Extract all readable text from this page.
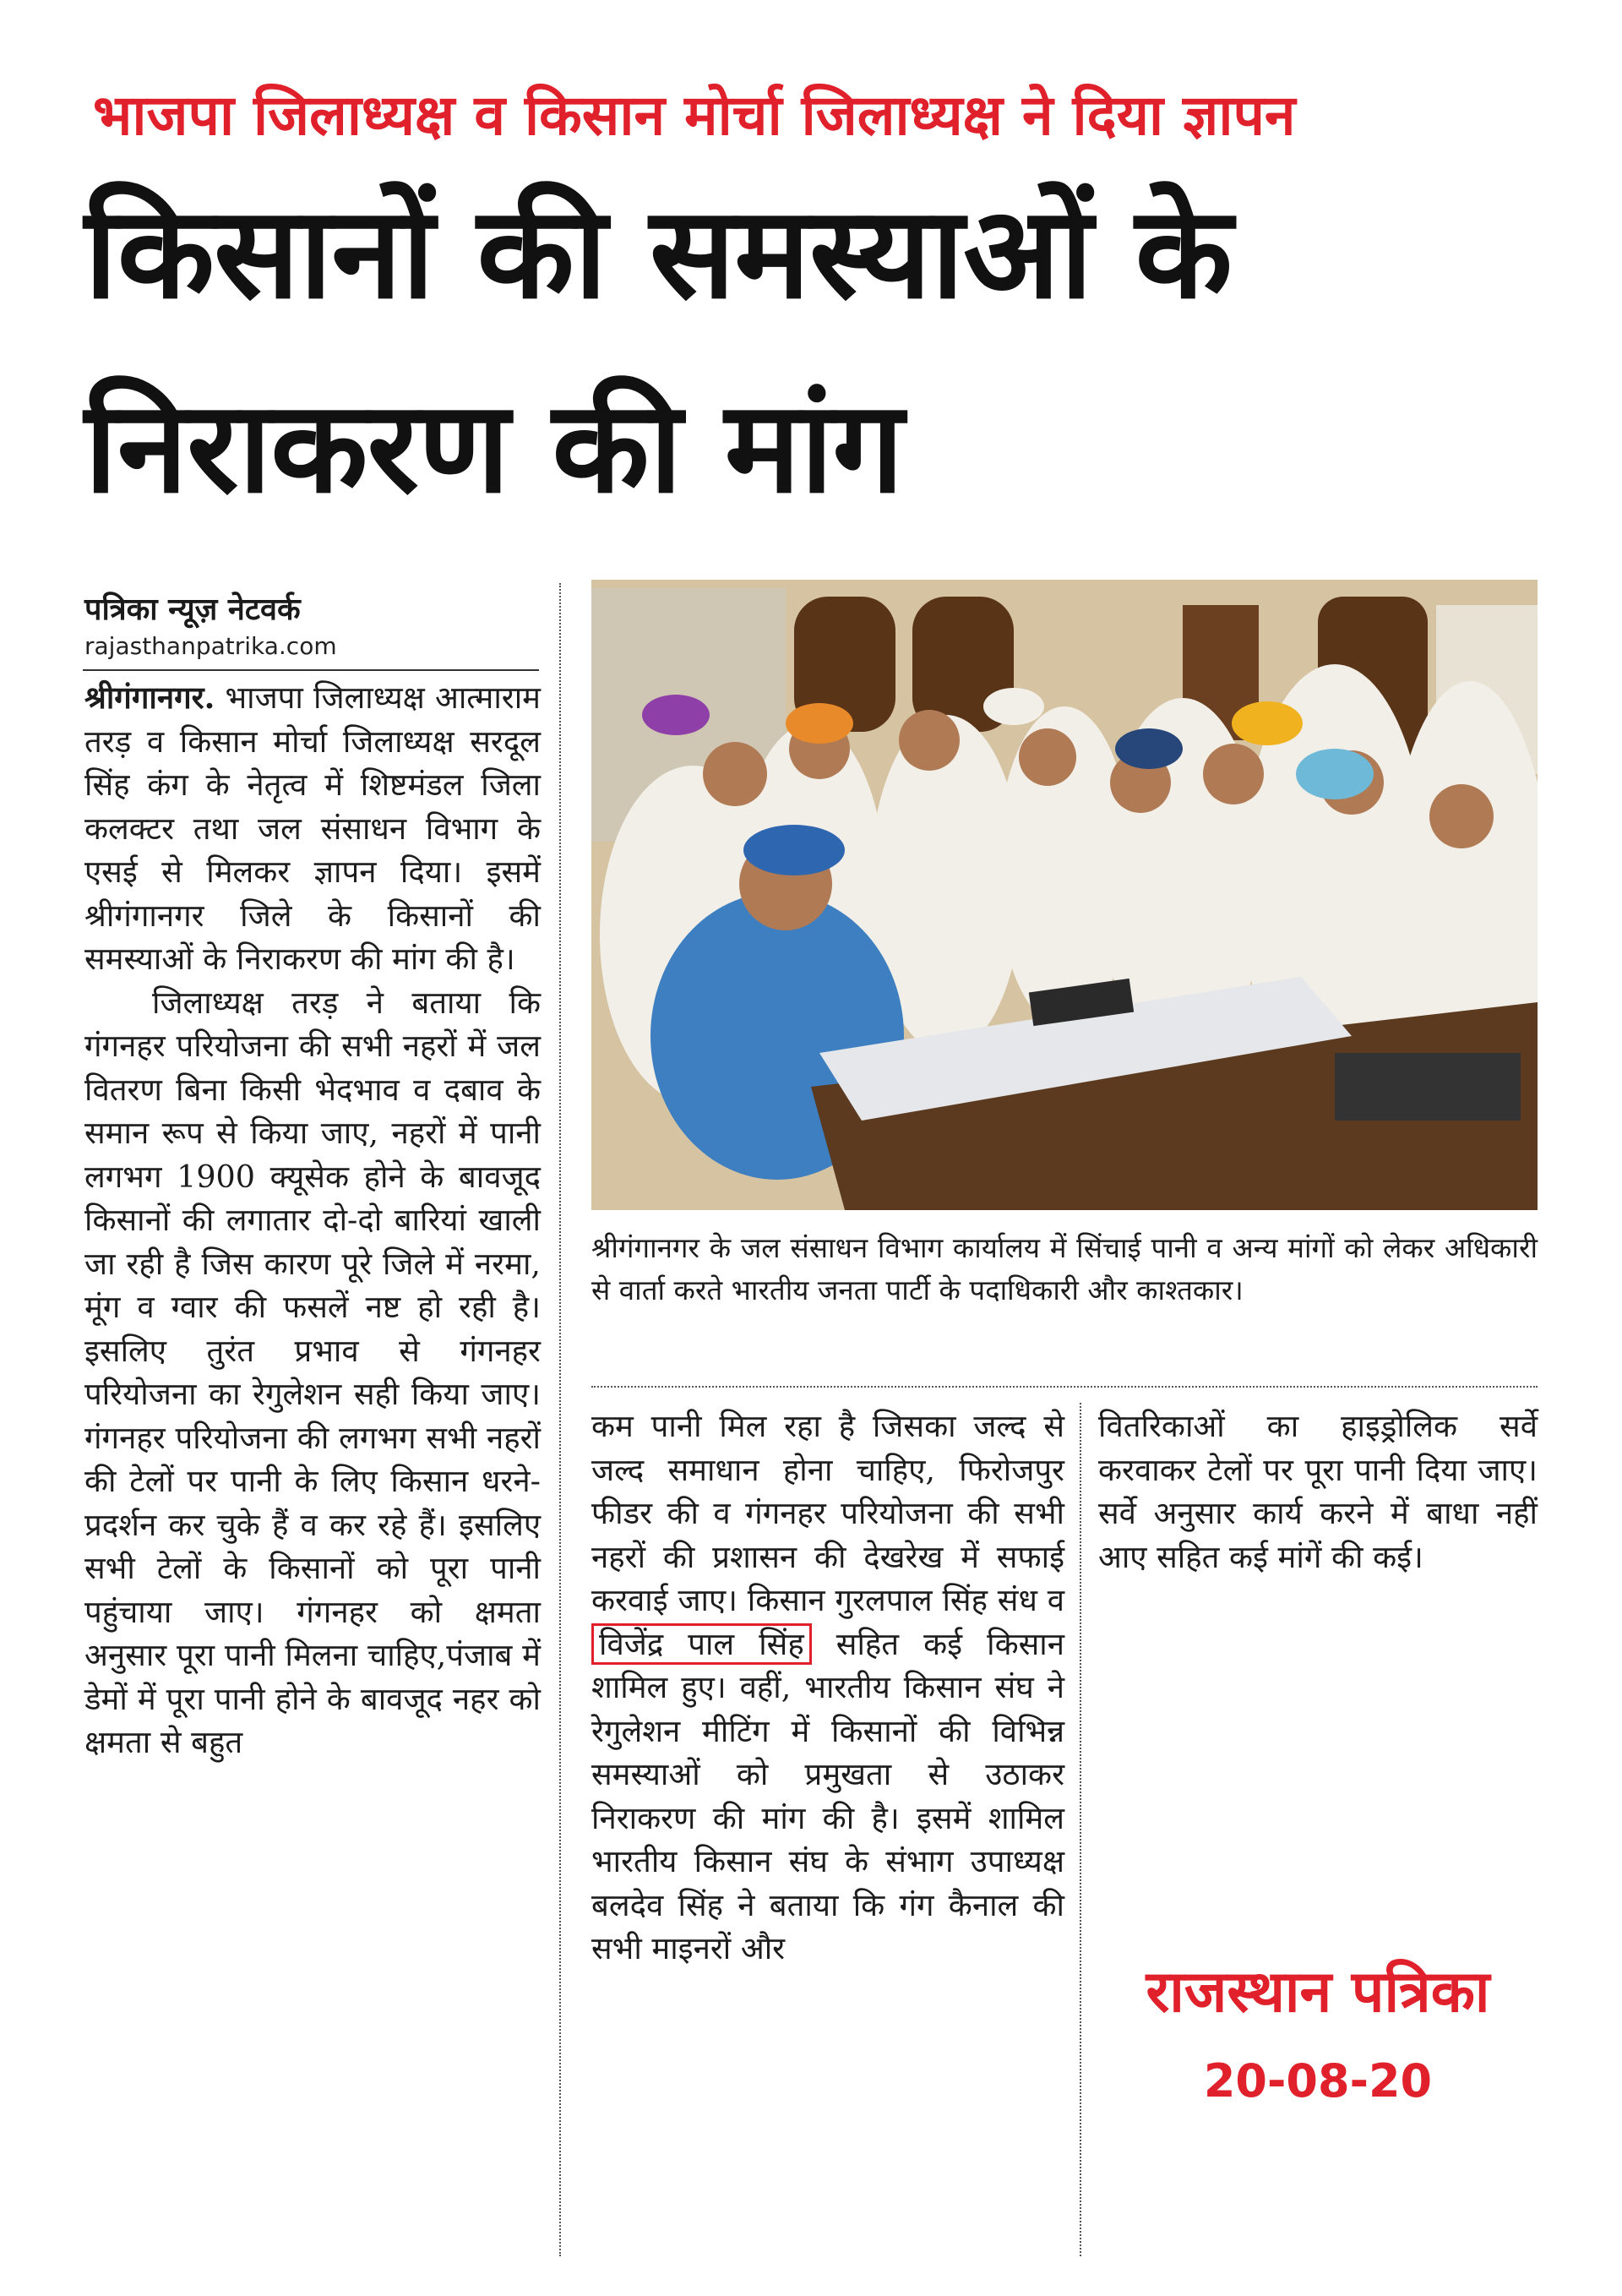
भाजपा जिलाध्यक्ष व किसान मोर्चा जिलाध्यक्ष ने दिया ज्ञापन
किसानों की समस्याओं के
निराकरण की मांग
पत्रिका न्यूज़ नेटवर्क
rajasthanpatrika.com

श्रीगंगानगर. भाजपा जिलाध्यक्ष आत्माराम तरड़ व किसान मोर्चा जिलाध्यक्ष सरदूल सिंह कंग के नेतृत्व में शिष्टमंडल जिला कलक्टर तथा जल संसाधन विभाग के एसई से मिलकर ज्ञापन दिया। इसमें श्रीगंगानगर जिले के किसानों की समस्याओं के निराकरण की मांग की है।

जिलाध्यक्ष तरड़ ने बताया कि गंगनहर परियोजना की सभी नहरों में जल वितरण बिना किसी भेदभाव व दबाव के समान रूप से किया जाए, नहरों में पानी लगभग 1900 क्यूसेक होने के बावजूद किसानों की लगातार दो-दो बारियां खाली जा रही है जिस कारण पूरे जिले में नरमा, मूंग व ग्वार की फसलें नष्ट हो रही है। इसलिए तुरंत प्रभाव से गंगनहर परियोजना का रेगुलेशन सही किया जाए। गंगनहर परियोजना की लगभग सभी नहरों की टेलों पर पानी के लिए किसान धरने-प्रदर्शन कर चुके हैं व कर रहे हैं। इसलिए सभी टेलों के किसानों को पूरा पानी पहुंचाया जाए। गंगनहर को क्षमता अनुसार पूरा पानी मिलना चाहिए,पंजाब में डेमों में पूरा पानी होने के बावजूद नहर को क्षमता से बहुत

श्रीगंगानगर के जल संसाधन विभाग कार्यालय में सिंचाई पानी व अन्य मांगों को लेकर अधिकारी से वार्ता करते भारतीय जनता पार्टी के पदाधिकारी और काश्तकार।

कम पानी मिल रहा है जिसका जल्द से जल्द समाधान होना चाहिए, फिरोजपुर फीडर की व गंगनहर परियोजना की सभी नहरों की प्रशासन की देखरेख में सफाई करवाई जाए। किसान गुरलपाल सिंह संध व विजेंद्र पाल सिंह सहित कई किसान शामिल हुए। वहीं, भारतीय किसान संघ ने रेगुलेशन मीटिंग में किसानों की विभिन्न समस्याओं को प्रमुखता से उठाकर निराकरण की मांग की है। इसमें शामिल भारतीय किसान संघ के संभाग उपाध्यक्ष बलदेव सिंह ने बताया कि गंग कैनाल की सभी माइनरों और

वितरिकाओं का हाइड्रोलिक सर्वे करवाकर टेलों पर पूरा पानी दिया जाए। सर्वे अनुसार कार्य करने में बाधा नहीं आए सहित कई मांगें की कई।

राजस्थान पत्रिका
20-08-20
